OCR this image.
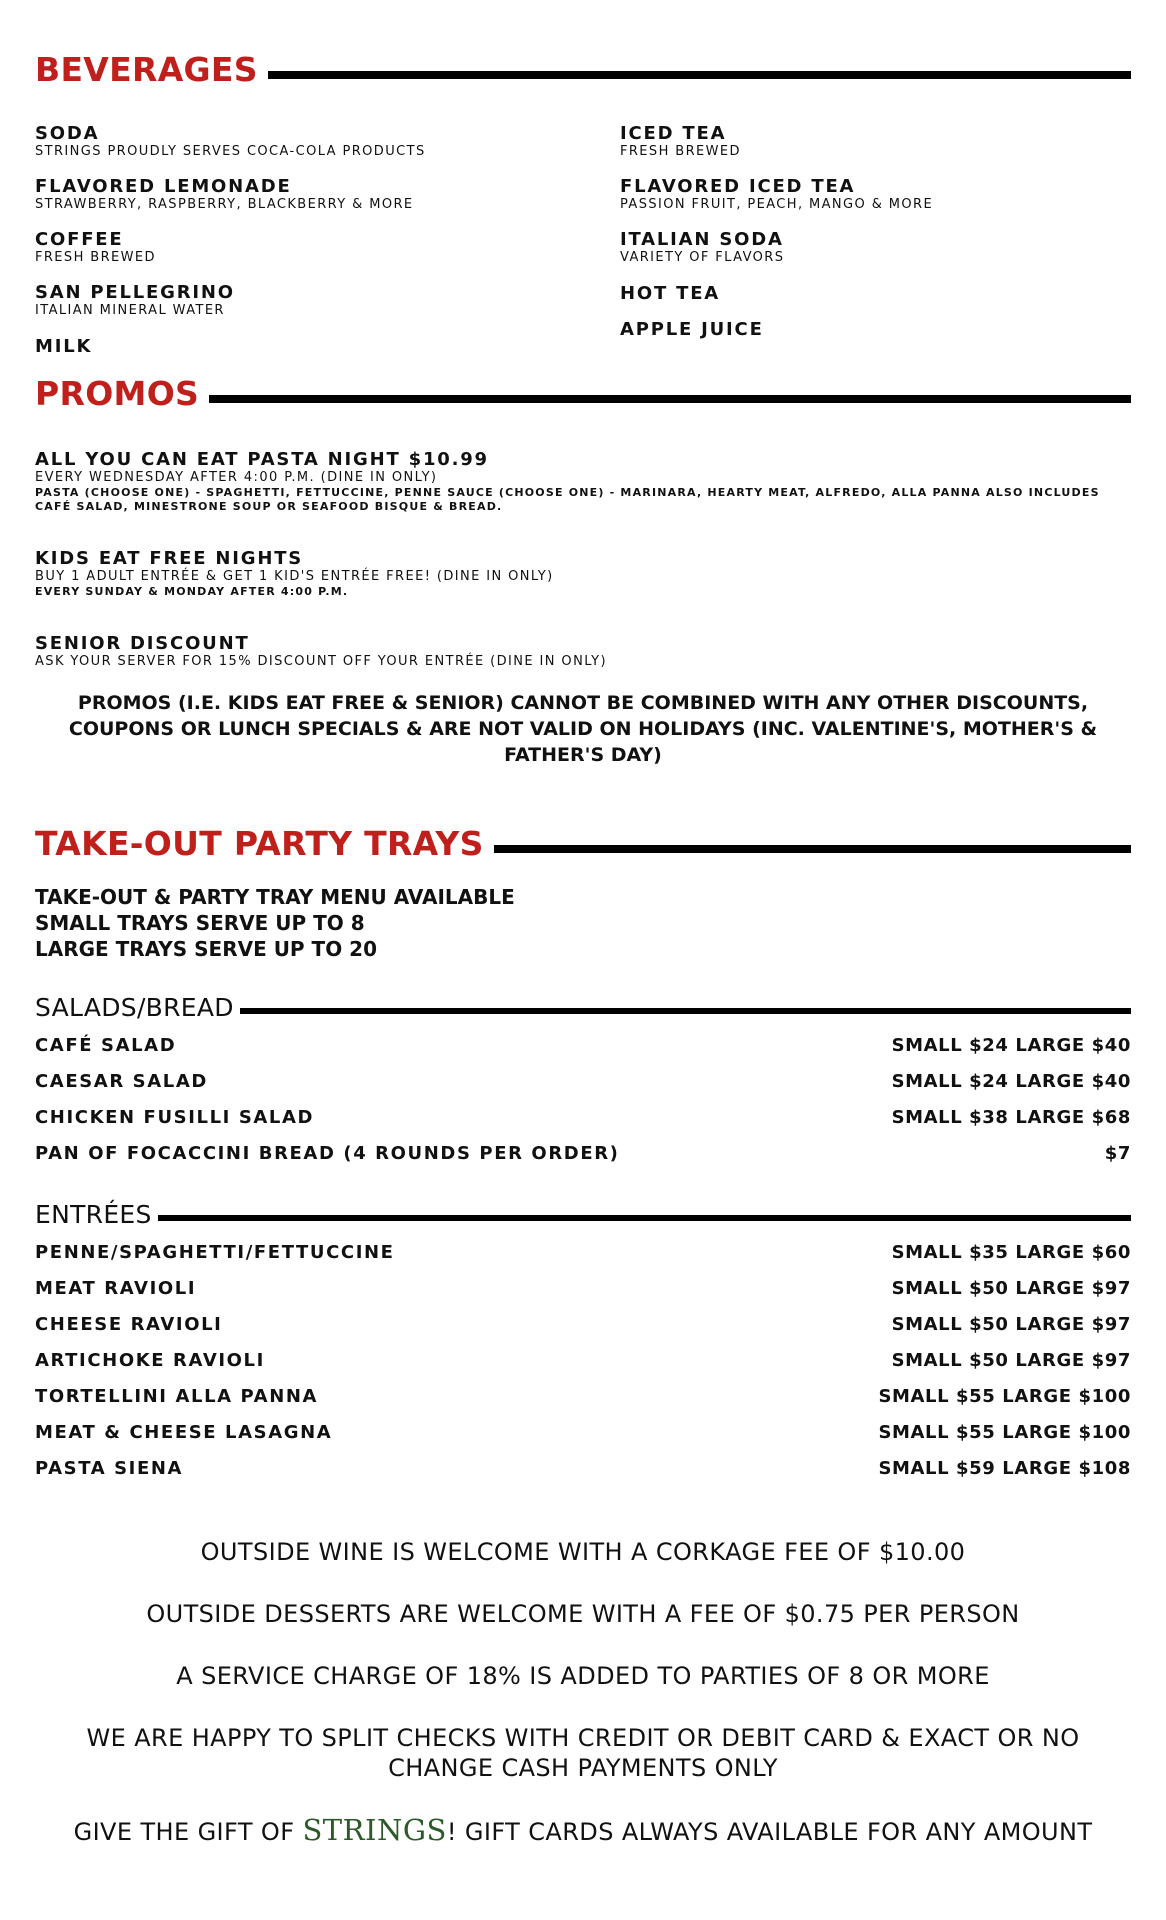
BEVERAGES
SODA
STRINGS PROUDLY SERVES COCA-COLA PRODUCTS
FLAVORED LEMONADE
STRAWBERRY, RASPBERRY, BLACKBERRY & MORE
COFFEE
FRESH BREWED
SAN PELLEGRINO
ITALIAN MINERAL WATER
MILK
ICED TEA
FRESH BREWED
FLAVORED ICED TEA
PASSION FRUIT, PEACH, MANGO & MORE
ITALIAN SODA
VARIETY OF FLAVORS
HOT TEA
APPLE JUICE
PROMOS
ALL YOU CAN EAT PASTA NIGHT $10.99
EVERY WEDNESDAY AFTER 4:00 P.M. (DINE IN ONLY)
PASTA (CHOOSE ONE) - SPAGHETTI, FETTUCCINE, PENNE SAUCE (CHOOSE ONE) - MARINARA, HEARTY MEAT, ALFREDO, ALLA PANNA ALSO INCLUDES CAFÉ SALAD, MINESTRONE SOUP OR SEAFOOD BISQUE & BREAD.
KIDS EAT FREE NIGHTS
BUY 1 ADULT ENTRÉE & GET 1 KID'S ENTRÉE FREE! (DINE IN ONLY)
EVERY SUNDAY & MONDAY AFTER 4:00 P.M.
SENIOR DISCOUNT
ASK YOUR SERVER FOR 15% DISCOUNT OFF YOUR ENTRÉE (DINE IN ONLY)
PROMOS (I.E. KIDS EAT FREE & SENIOR) CANNOT BE COMBINED WITH ANY OTHER DISCOUNTS, COUPONS OR LUNCH SPECIALS & ARE NOT VALID ON HOLIDAYS (INC. VALENTINE'S, MOTHER'S & FATHER'S DAY)
TAKE-OUT PARTY TRAYS
TAKE-OUT & PARTY TRAY MENU AVAILABLE
SMALL TRAYS SERVE UP TO 8
LARGE TRAYS SERVE UP TO 20
SALADS/BREAD
CAFÉ SALAD	SMALL $24 LARGE $40
CAESAR SALAD	SMALL $24 LARGE $40
CHICKEN FUSILLI SALAD	SMALL $38 LARGE $68
PAN OF FOCACCINI BREAD (4 ROUNDS PER ORDER)	$7
ENTRÉES
PENNE/SPAGHETTI/FETTUCCINE	SMALL $35 LARGE $60
MEAT RAVIOLI	SMALL $50 LARGE $97
CHEESE RAVIOLI	SMALL $50 LARGE $97
ARTICHOKE RAVIOLI	SMALL $50 LARGE $97
TORTELLINI ALLA PANNA	SMALL $55 LARGE $100
MEAT & CHEESE LASAGNA	SMALL $55 LARGE $100
PASTA SIENA	SMALL $59 LARGE $108
OUTSIDE WINE IS WELCOME WITH A CORKAGE FEE OF $10.00
OUTSIDE DESSERTS ARE WELCOME WITH A FEE OF $0.75 PER PERSON
A SERVICE CHARGE OF 18% IS ADDED TO PARTIES OF 8 OR MORE
WE ARE HAPPY TO SPLIT CHECKS WITH CREDIT OR DEBIT CARD & EXACT OR NO CHANGE CASH PAYMENTS ONLY
GIVE THE GIFT OF STRINGS! GIFT CARDS ALWAYS AVAILABLE FOR ANY AMOUNT
